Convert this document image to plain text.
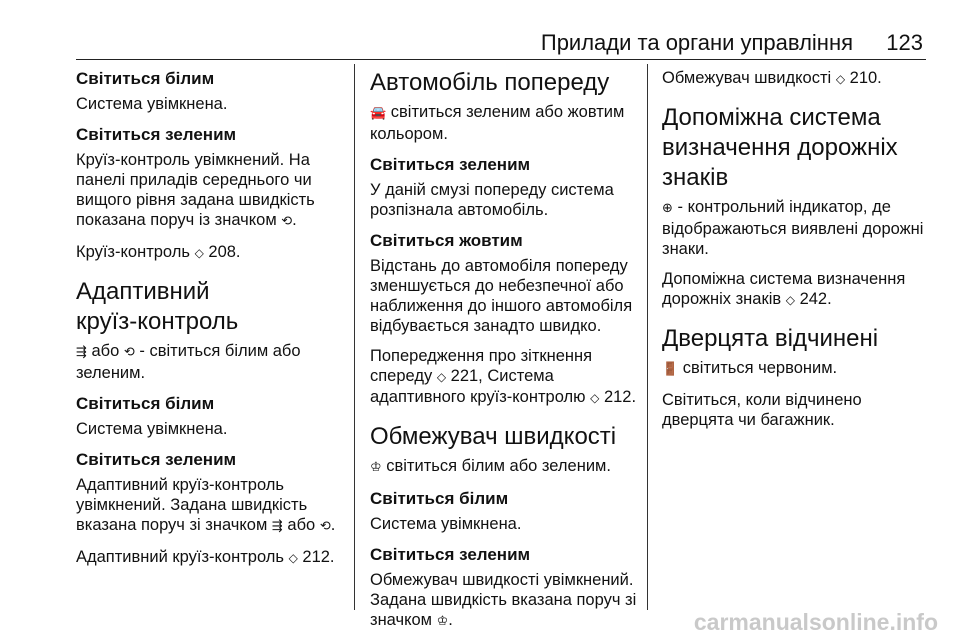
Прилади та органи управління 123
Світиться білим
Система увімкнена.
Світиться зеленим
Круїз-контроль увімкнений. На
панелі приладів середнього чи
вищого рівня задана швидкість
показана поруч із значком ⟲.
Круїз-контроль ◇ 208.
Адаптивний
круїз-контроль
⇶ або ⟲ - світиться білим або
зеленим.
Світиться білим
Система увімкнена.
Світиться зеленим
Адаптивний круїз-контроль
увімкнений. Задана швидкість
вказана поруч зі значком ⇶ або ⟲.
Адаптивний круїз-контроль ◇ 212.
Автомобіль попереду
🚘 світиться зеленим або жовтим
кольором.
Світиться зеленим
У даній смузі попереду система
розпізнала автомобіль.
Світиться жовтим
Відстань до автомобіля попереду
зменшується до небезпечної або
наближення до іншого автомобіля
відбувається занадто швидко.
Попередження про зіткнення
спереду ◇ 221, Система
адаптивного круїз-контролю ◇ 212.
Обмежувач швидкості
♔ світиться білим або зеленим.
Світиться білим
Система увімкнена.
Світиться зеленим
Обмежувач швидкості увімкнений.
Задана швидкість вказана поруч зі
значком ♔.
Обмежувач швидкості ◇ 210.
Допоміжна система
визначення дорожніх
знаків
⊕ - контрольний індикатор, де
відображаються виявлені дорожні
знаки.
Допоміжна система визначення
дорожніх знаків ◇ 242.
Дверцята відчинені
🚪 світиться червоним.
Світиться, коли відчинено
дверцята чи багажник.
carmanualsonline.info
